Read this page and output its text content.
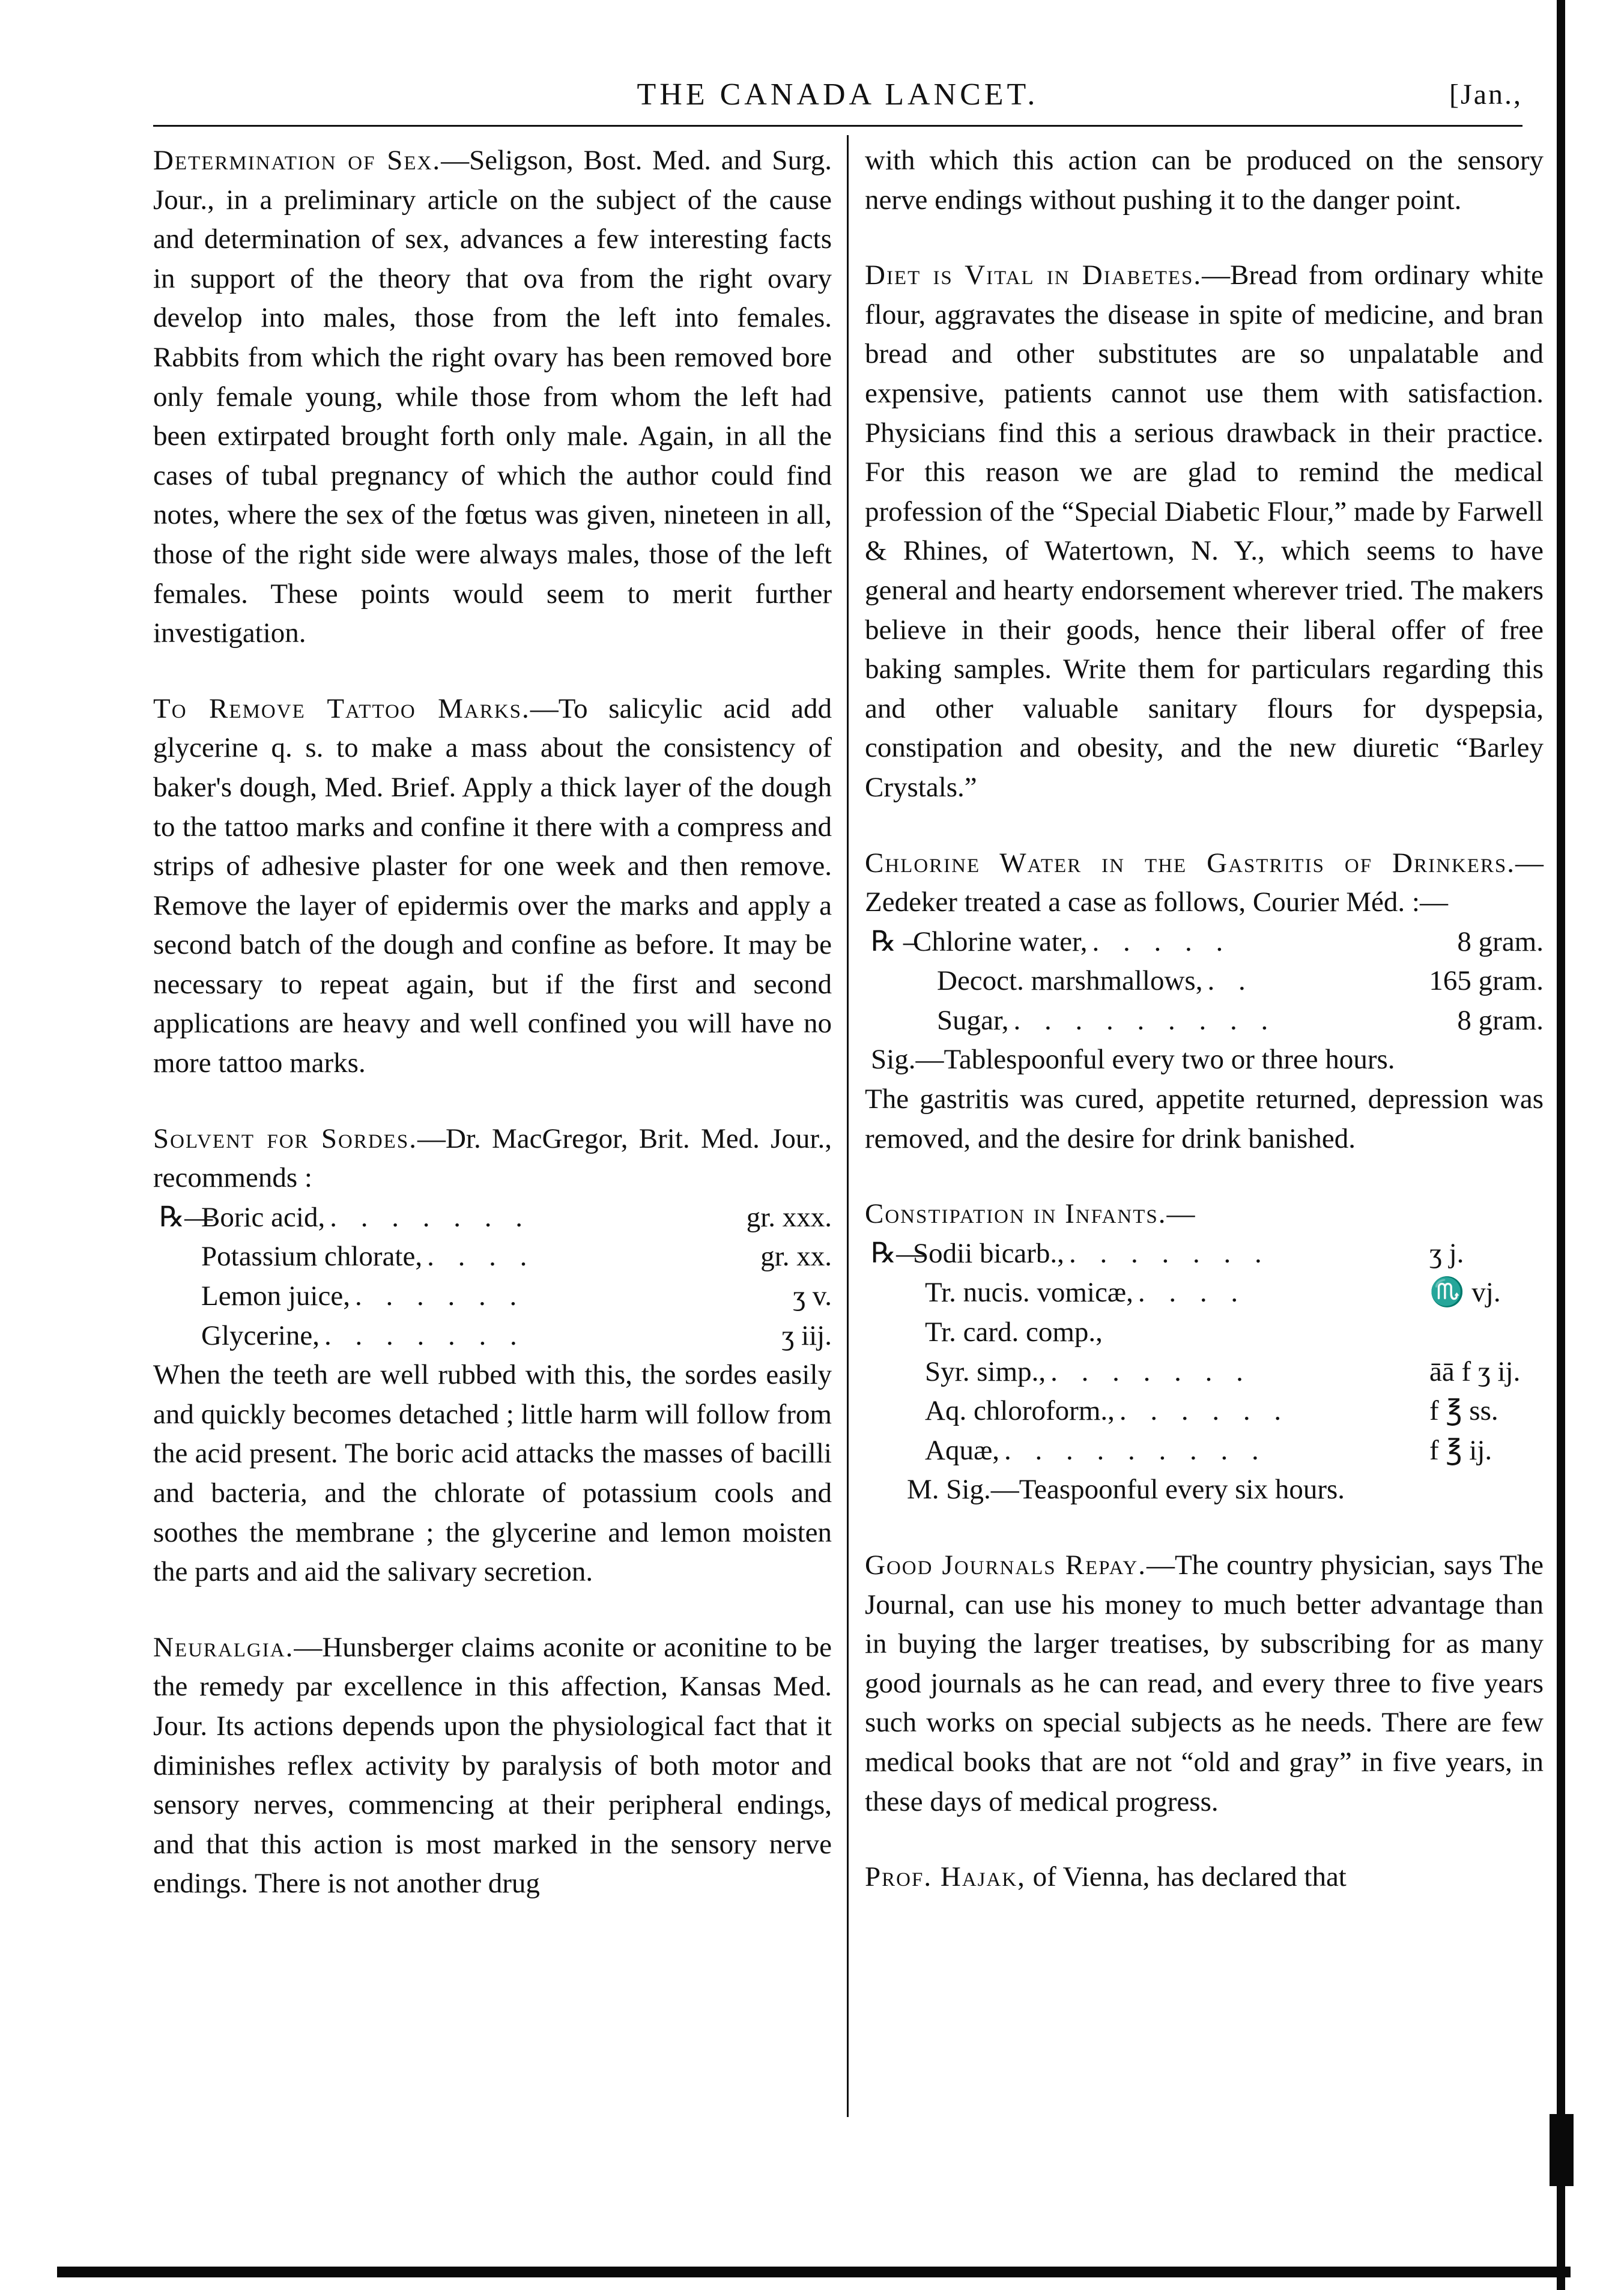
THE CANADA LANCET.	[Jan.,

Determination of Sex.—Seligson, Bost. Med. and Surg. Jour., in a preliminary article on the subject of the cause and determination of sex, advances a few interesting facts in support of the theory that ova from the right ovary develop into males, those from the left into females. Rabbits from which the right ovary has been removed bore only female young, while those from whom the left had been extirpated brought forth only male. Again, in all the cases of tubal pregnancy of which the author could find notes, where the sex of the fœtus was given, nineteen in all, those of the right side were always males, those of the left females. These points would seem to merit further investigation.

To Remove Tattoo Marks.—To salicylic acid add glycerine q. s. to make a mass about the consistency of baker's dough, Med. Brief. Apply a thick layer of the dough to the tattoo marks and confine it there with a compress and strips of adhesive plaster for one week and then remove. Remove the layer of epidermis over the marks and apply a second batch of the dough and confine as before. It may be necessary to repeat again, but if the first and second applications are heavy and well confined you will have no more tattoo marks.

Solvent for Sordes.—Dr. MacGregor, Brit. Med. Jour., recommends :

℞—
Boric acid, . . . . . . .	gr. xxx.
Potassium chlorate, . . . .	gr. xx.
Lemon juice, . . . . . .	ʒ v.
Glycerine, . . . . . . .	ʒ iij.

When the teeth are well rubbed with this, the sordes easily and quickly becomes detached ; little harm will follow from the acid present. The boric acid attacks the masses of bacilli and bacteria, and the chlorate of potassium cools and soothes the membrane ; the glycerine and lemon moisten the parts and aid the salivary secretion.

Neuralgia.—Hunsberger claims aconite or aconitine to be the remedy par excellence in this affection, Kansas Med. Jour. Its actions depends upon the physiological fact that it diminishes reflex activity by paralysis of both motor and sensory nerves, commencing at their peripheral endings, and that this action is most marked in the sensory nerve endings. There is not another drug

with which this action can be produced on the sensory nerve endings without pushing it to the danger point.

Diet is Vital in Diabetes.—Bread from ordinary white flour, aggravates the disease in spite of medicine, and bran bread and other substitutes are so unpalatable and expensive, patients cannot use them with satisfaction. Physicians find this a serious drawback in their practice. For this reason we are glad to remind the medical profession of the “Special Diabetic Flour,” made by Farwell & Rhines, of Watertown, N. Y., which seems to have general and hearty endorsement wherever tried. The makers believe in their goods, hence their liberal offer of free baking samples. Write them for particulars regarding this and other valuable sanitary flours for dyspepsia, constipation and obesity, and the new diuretic “Barley Crystals.”

Chlorine Water in the Gastritis of Drinkers.—Zedeker treated a case as follows, Courier Méd. :—

℞ –
Chlorine water, . . . . .	8 gram.
Decoct. marshmallows, . .	165 gram.
Sugar, . . . . . . . . .	8 gram.
Sig.—Tablespoonful every two or three hours.

The gastritis was cured, appetite returned, depression was removed, and the desire for drink banished.

Constipation in Infants.—

℞—
Sodii bicarb., . . . . . . .	ʒ j.
Tr. nucis. vomicæ, . . . .	♏ vj.
Tr. card. comp.,
Syr. simp., . . . . . . .	āā f ʒ ij.
Aq. chloroform., . . . . . .	f ℥ ss.
Aquæ, . . . . . . . . .	f ℥ ij.
M. Sig.—Teaspoonful every six hours.

Good Journals Repay.—The country physician, says The Journal, can use his money to much better advantage than in buying the larger treatises, by subscribing for as many good journals as he can read, and every three to five years such works on special subjects as he needs. There are few medical books that are not “old and gray” in five years, in these days of medical progress.

Prof. Hajak, of Vienna, has declared that
